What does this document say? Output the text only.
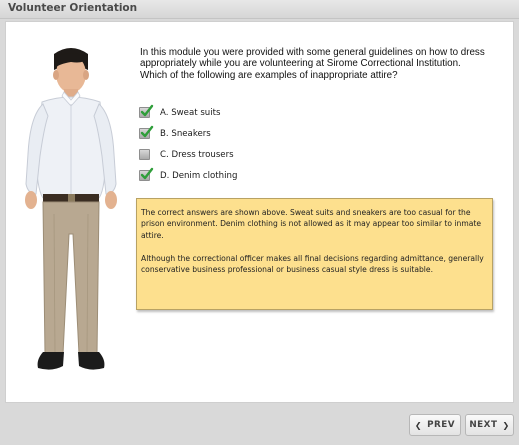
Volunteer Orientation
In this module you were provided with some general guidelines on how to dress appropriately while you are volunteering at Sirome Correctional Institution. Which of the following are examples of inappropriate attire?
A. Sweat suits
B. Sneakers
C. Dress trousers
D. Denim clothing

The correct answers are shown above. Sweat suits and sneakers are too casual for the prison environment. Denim clothing is not allowed as it may appear too similar to inmate attire.

Although the correctional officer makes all final decisions regarding admittance, generally conservative business professional or business casual style dress is suitable.

❮ PREV NEXT ❯
